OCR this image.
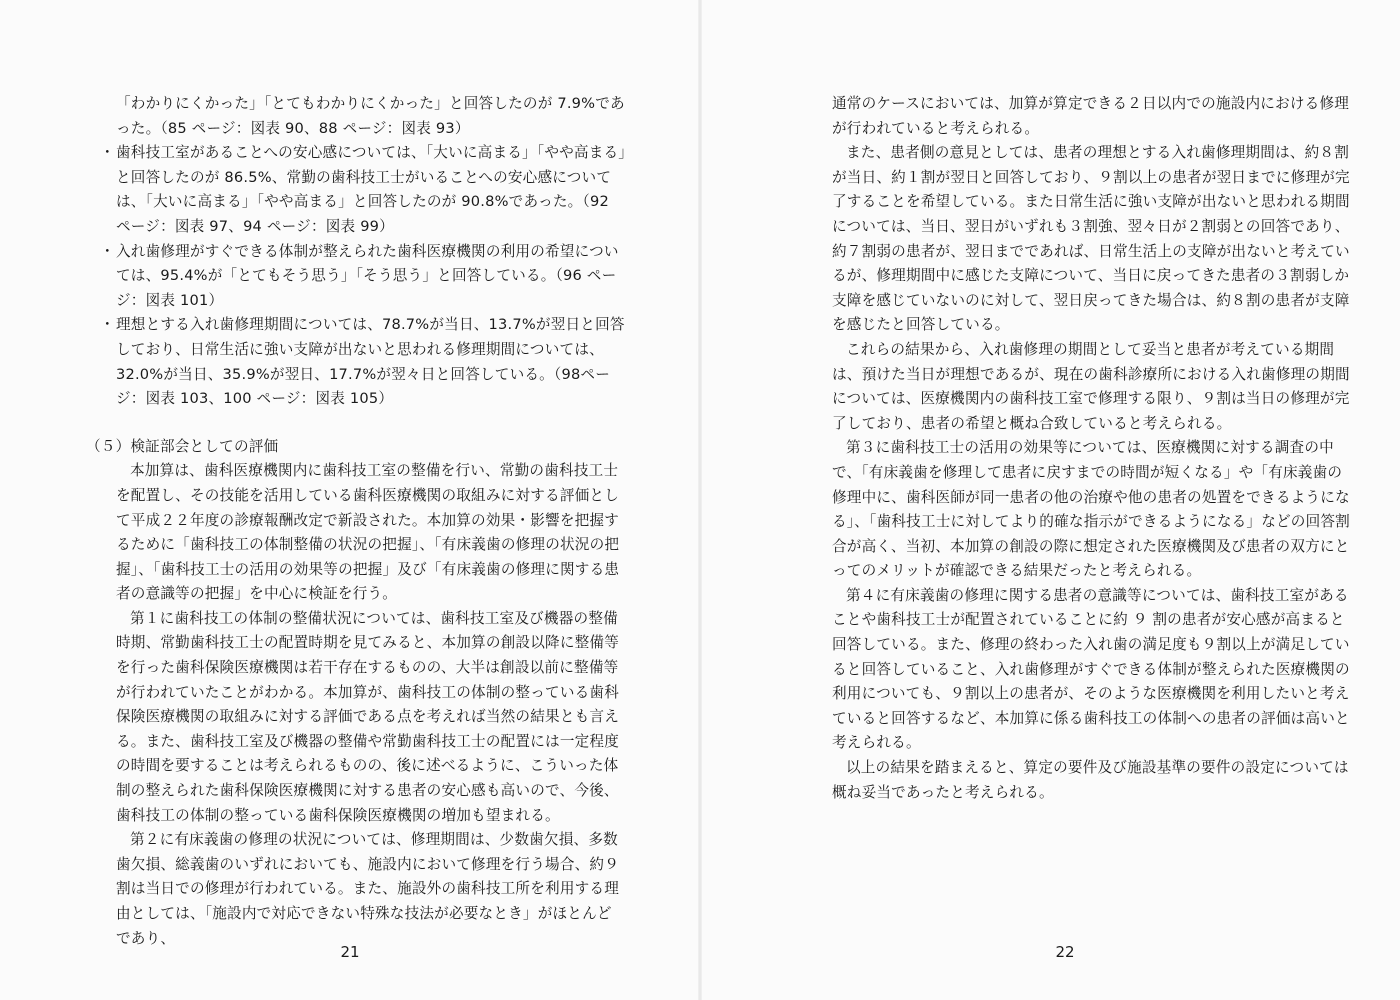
「わかりにくかった」「とてもわかりにくかった」と回答したのが 7.9%であった。（85 ページ：図表 90、88 ページ：図表 93）

・ 歯科技工室があることへの安心感については、「大いに高まる」「やや高まる」と回答したのが 86.5%、常勤の歯科技工士がいることへの安心感については、「大いに高まる」「やや高まる」と回答したのが 90.8%であった。（92 ページ：図表 97、94 ページ：図表 99）

・ 入れ歯修理がすぐできる体制が整えられた歯科医療機関の利用の希望については、95.4%が「とてもそう思う」「そう思う」と回答している。（96 ページ：図表 101）

・ 理想とする入れ歯修理期間については、78.7%が当日、13.7%が翌日と回答しており、日常生活に強い支障が出ないと思われる修理期間については、32.0%が当日、35.9%が翌日、17.7%が翌々日と回答している。（98ページ：図表 103、100 ページ：図表 105）

（５）検証部会としての評価

本加算は、歯科医療機関内に歯科技工室の整備を行い、常勤の歯科技工士を配置し、その技能を活用している歯科医療機関の取組みに対する評価として平成２２年度の診療報酬改定で新設された。本加算の効果・影響を把握するために「歯科技工の体制整備の状況の把握」、「有床義歯の修理の状況の把握」、「歯科技工士の活用の効果等の把握」及び「有床義歯の修理に関する患者の意識等の把握」を中心に検証を行う。

第１に歯科技工の体制の整備状況については、歯科技工室及び機器の整備時期、常勤歯科技工士の配置時期を見てみると、本加算の創設以降に整備等を行った歯科保険医療機関は若干存在するものの、大半は創設以前に整備等が行われていたことがわかる。本加算が、歯科技工の体制の整っている歯科保険医療機関の取組みに対する評価である点を考えれば当然の結果とも言える。また、歯科技工室及び機器の整備や常勤歯科技工士の配置には一定程度の時間を要することは考えられるものの、後に述べるように、こういった体制の整えられた歯科保険医療機関に対する患者の安心感も高いので、今後、歯科技工の体制の整っている歯科保険医療機関の増加も望まれる。

第２に有床義歯の修理の状況については、修理期間は、少数歯欠損、多数歯欠損、総義歯のいずれにおいても、施設内において修理を行う場合、約９割は当日での修理が行われている。また、施設外の歯科技工所を利用する理由としては、「施設内で対応できない特殊な技法が必要なとき」がほとんどであり、

21

通常のケースにおいては、加算が算定できる２日以内での施設内における修理が行われていると考えられる。

また、患者側の意見としては、患者の理想とする入れ歯修理期間は、約８割が当日、約１割が翌日と回答しており、９割以上の患者が翌日までに修理が完了することを希望している。また日常生活に強い支障が出ないと思われる期間については、当日、翌日がいずれも３割強、翌々日が２割弱との回答であり、約７割弱の患者が、翌日までであれば、日常生活上の支障が出ないと考えているが、修理期間中に感じた支障について、当日に戻ってきた患者の３割弱しか支障を感じていないのに対して、翌日戻ってきた場合は、約８割の患者が支障を感じたと回答している。

これらの結果から、入れ歯修理の期間として妥当と患者が考えている期間は、預けた当日が理想であるが、現在の歯科診療所における入れ歯修理の期間については、医療機関内の歯科技工室で修理する限り、９割は当日の修理が完了しており、患者の希望と概ね合致していると考えられる。

第３に歯科技工士の活用の効果等については、医療機関に対する調査の中で、「有床義歯を修理して患者に戻すまでの時間が短くなる」や「有床義歯の修理中に、歯科医師が同一患者の他の治療や他の患者の処置をできるようになる」、「歯科技工士に対してより的確な指示ができるようになる」などの回答割合が高く、当初、本加算の創設の際に想定された医療機関及び患者の双方にとってのメリットが確認できる結果だったと考えられる。

第４に有床義歯の修理に関する患者の意識等については、歯科技工室があることや歯科技工士が配置されていることに約 ９ 割の患者が安心感が高まると回答している。また、修理の終わった入れ歯の満足度も９割以上が満足していると回答していること、入れ歯修理がすぐできる体制が整えられた医療機関の利用についても、９割以上の患者が、そのような医療機関を利用したいと考えていると回答するなど、本加算に係る歯科技工の体制への患者の評価は高いと考えられる。

以上の結果を踏まえると、算定の要件及び施設基準の要件の設定については概ね妥当であったと考えられる。

22
